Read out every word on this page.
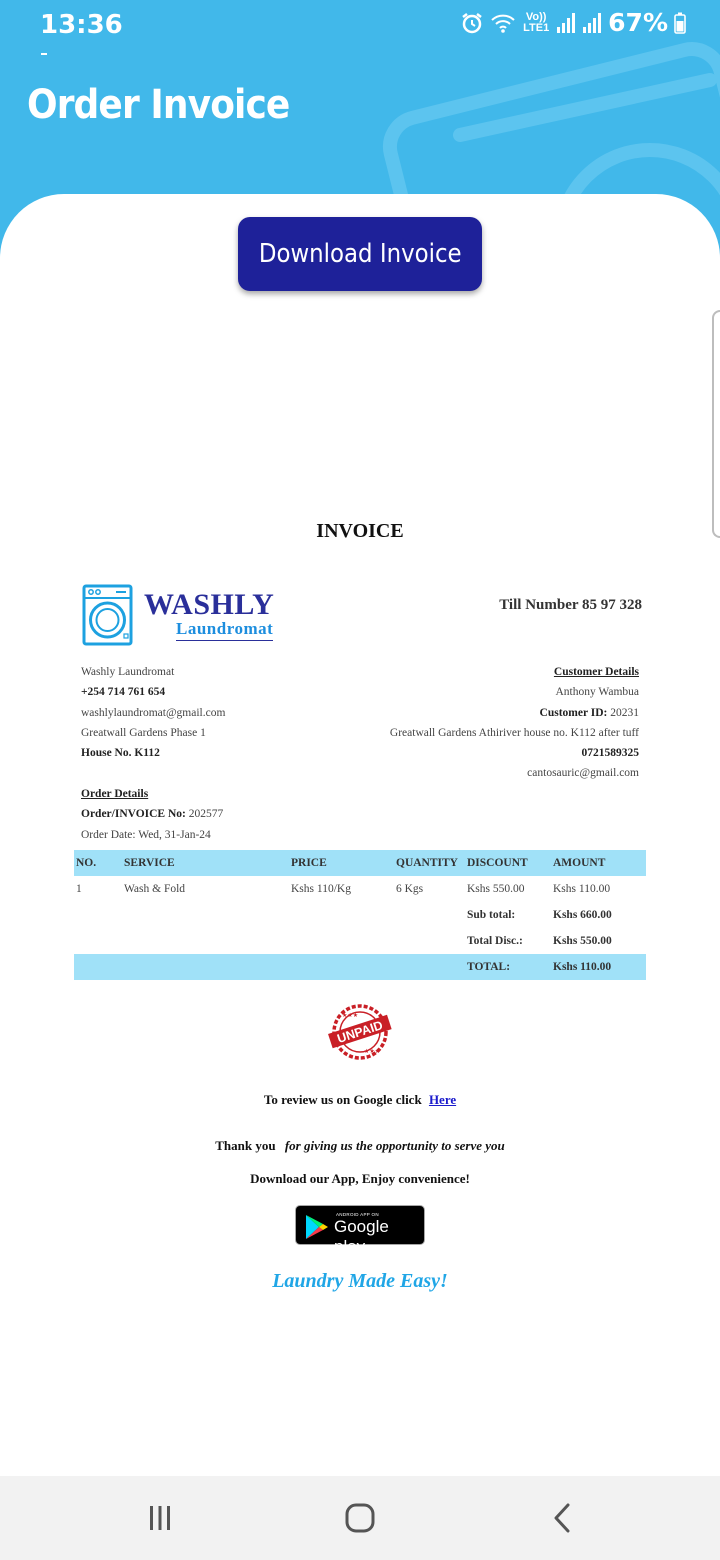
13:36	Vo)) LTE1 67%
Order Invoice
Download Invoice
INVOICE
WASHLY
Laundromat
Till Number 85 97 328
Washly Laundromat
+254 714 761 654
washlylaundromat@gmail.com
Greatwall Gardens Phase 1
House No. K112
Customer Details
Anthony Wambua
Customer ID: 20231
Greatwall Gardens Athiriver house no. K112 after tuff
0721589325
cantosauric@gmail.com
Order Details
Order/INVOICE No: 202577
Order Date: Wed, 31-Jan-24
NO. SERVICE	PRICE	QUANTITY DISCOUNT AMOUNT
1	Wash & Fold	Kshs 110/Kg	6 Kgs	Kshs 550.00 Kshs 110.00
Sub total:	Kshs 660.00
Total Disc.:	Kshs 550.00
TOTAL:	Kshs 110.00
★★★
★★★
UNPAID
To review us on Google click Here
Thank you for giving us the opportunity to serve you
Download our App, Enjoy convenience!
ANDROID APP ON
Google play
Laundry Made Easy!
